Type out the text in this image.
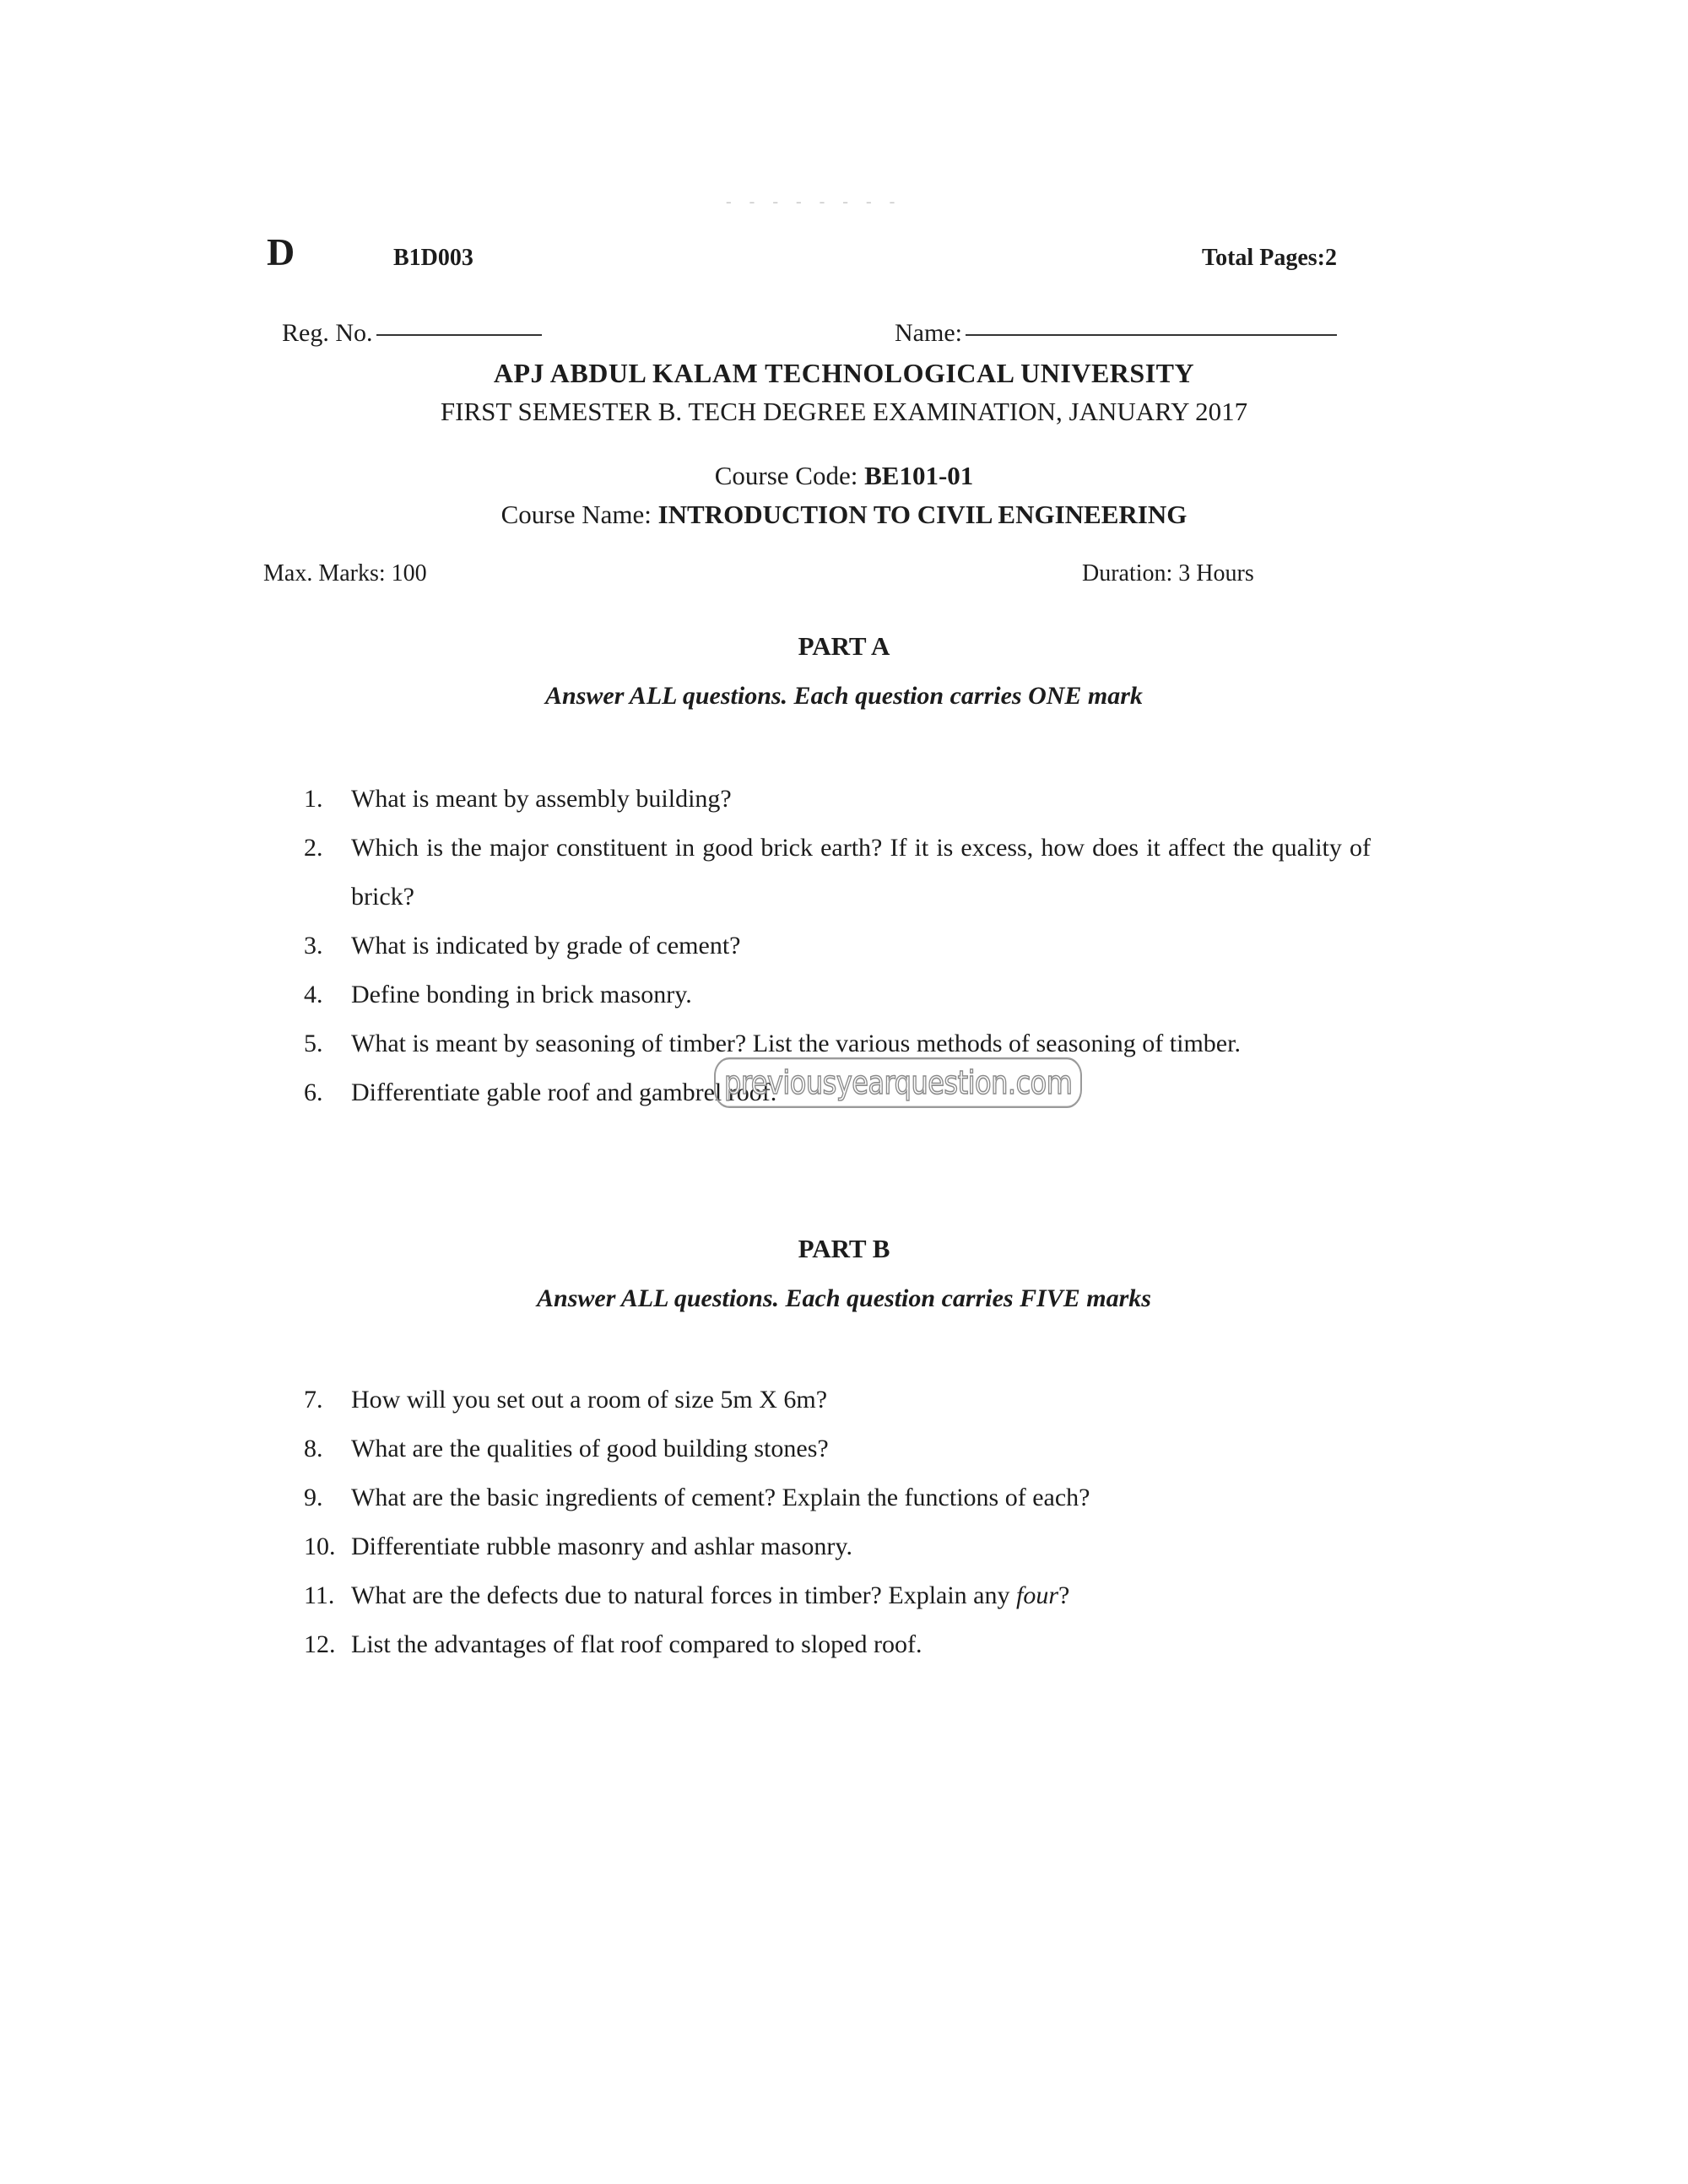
- - - - - - - -
D	B1D003	Total Pages:2
Reg. No.	Name:
APJ ABDUL KALAM TECHNOLOGICAL UNIVERSITY
FIRST SEMESTER B. TECH DEGREE EXAMINATION, JANUARY 2017
Course Code: BE101-01
Course Name: INTRODUCTION TO CIVIL ENGINEERING
Max. Marks: 100	Duration: 3 Hours
PART A
Answer ALL questions. Each question carries ONE mark
1. What is meant by assembly building?
2. Which is the major constituent in good brick earth? If it is excess, how does it affect the quality of brick?
3. What is indicated by grade of cement?
4. Define bonding in brick masonry.
5. What is meant by seasoning of timber? List the various methods of seasoning of timber.
6. Differentiate gable roof and gambrel roof.
previousyearquestion.com
PART B
Answer ALL questions. Each question carries FIVE marks
7. How will you set out a room of size 5m X 6m?
8. What are the qualities of good building stones?
9. What are the basic ingredients of cement? Explain the functions of each?
10. Differentiate rubble masonry and ashlar masonry.
11. What are the defects due to natural forces in timber? Explain any four?
12. List the advantages of flat roof compared to sloped roof.
